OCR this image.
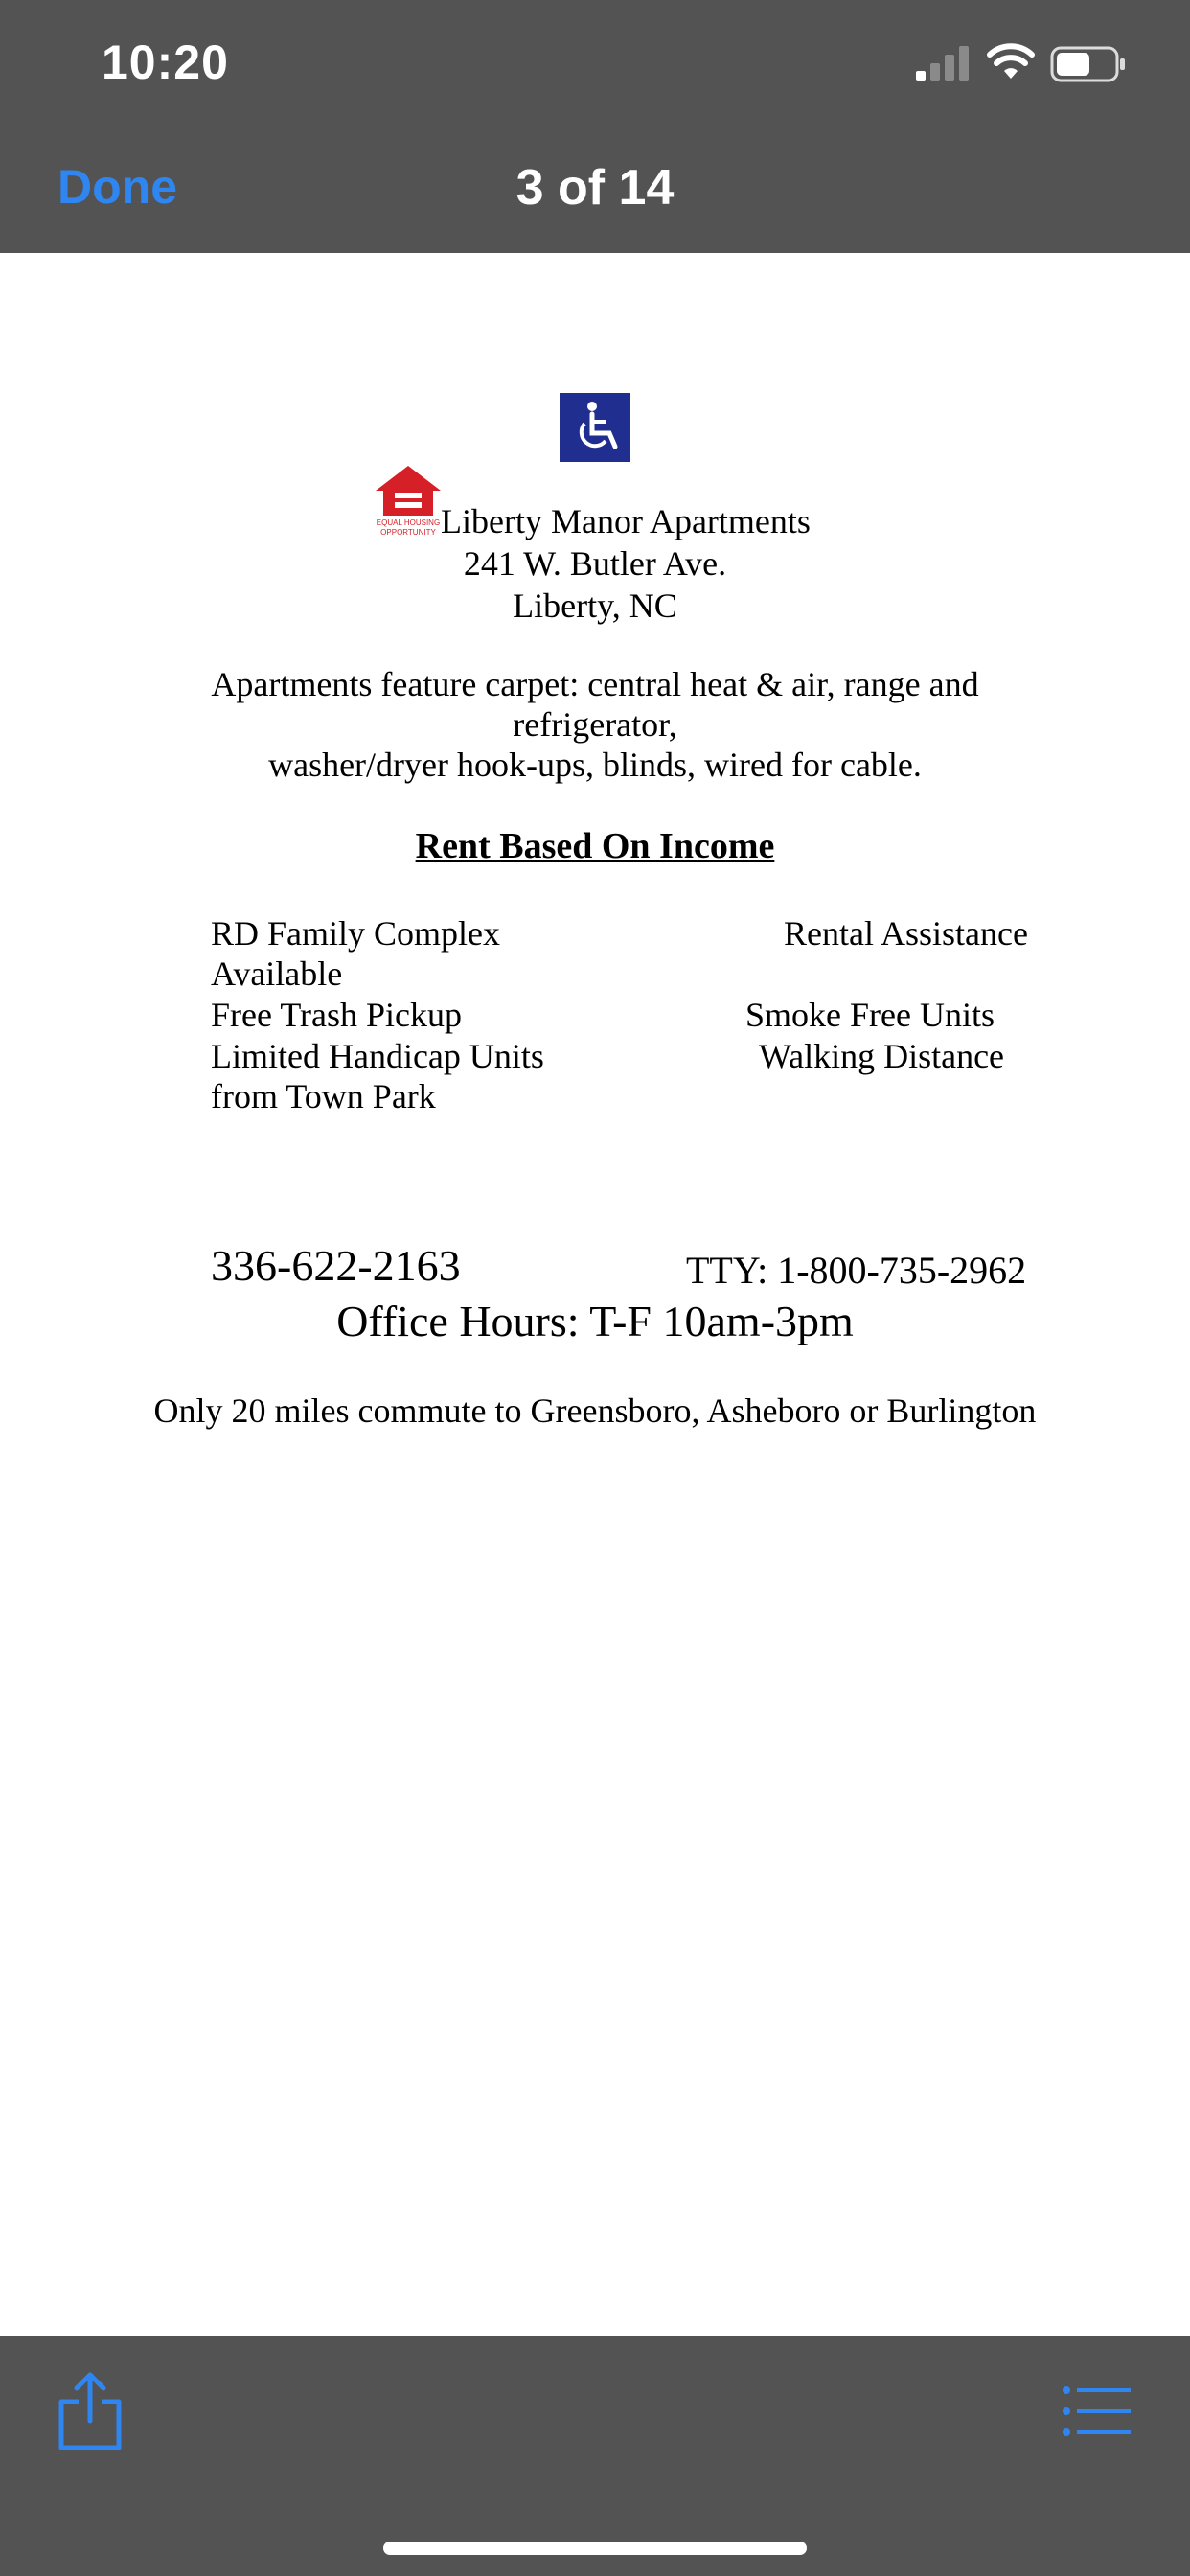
10:20
Done	3 of 14
EQUAL HOUSING
OPPORTUNITY Liberty Manor Apartments
241 W. Butler Ave.
Liberty, NC
Apartments feature carpet: central heat & air, range and
refrigerator,
washer/dryer hook-ups, blinds, wired for cable.
Rent Based On Income
RD Family Complex
Available
Free Trash Pickup
Limited Handicap Units
from Town Park
Rental Assistance
Smoke Free Units
Walking Distance
336-622-2163	TTY: 1-800-735-2962
Office Hours: T-F 10am-3pm
Only 20 miles commute to Greensboro, Asheboro or Burlington
